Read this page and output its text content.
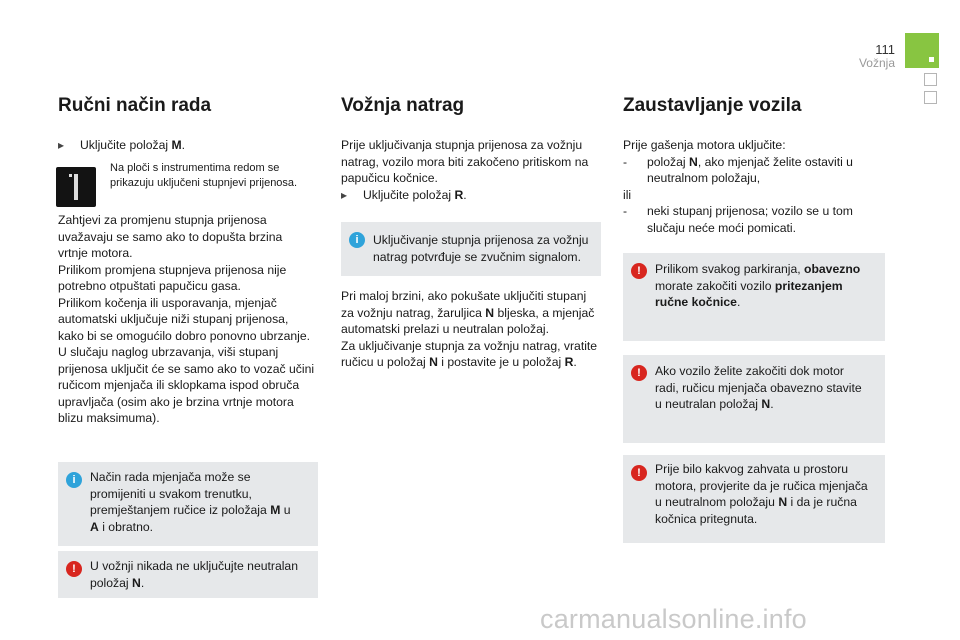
111
Vožnja
Ručni način rada
▸ Uključite položaj M.
Na ploči s instrumentima redom se prikazuju uključeni stupnjevi prijenosa.
Zahtjevi za promjenu stupnja prijenosa
uvažavaju se samo ako to dopušta brzina
vrtnje motora.
Prilikom promjena stupnjeva prijenosa nije
potrebno otpuštati papučicu gasa.
Prilikom kočenja ili usporavanja, mjenjač
automatski uključuje niži stupanj prijenosa,
kako bi se omogućilo dobro ponovno ubrzanje.
U slučaju naglog ubrzavanja, viši stupanj
prijenosa uključit će se samo ako to vozač učini
ručicom mjenjača ili sklopkama ispod obruča
upravljača (osim ako je brzina vrtnje motora
blizu maksimuma).
i	Način rada mjenjača može se
promijeniti u svakom trenutku,
premještanjem ručice iz položaja M u
A i obratno.
!	U vožnji nikada ne uključujte neutralan
položaj N.
Vožnja natrag
Prije uključivanja stupnja prijenosa za vožnju
natrag, vozilo mora biti zakočeno pritiskom na
papučicu kočnice.
▸ Uključite položaj R.
i	Uključivanje stupnja prijenosa za vožnju
natrag potvrđuje se zvučnim signalom.
Pri maloj brzini, ako pokušate uključiti stupanj
za vožnju natrag, žaruljica N bljeska, a mjenjač
automatski prelazi u neutralan položaj.
Za uključivanje stupnja za vožnju natrag, vratite
ručicu u položaj N i postavite je u položaj R.
Zaustavljanje vozila
Prije gašenja motora uključite:
- položaj N, ako mjenjač želite ostaviti u
neutralnom položaju,
ili
- neki stupanj prijenosa; vozilo se u tom
slučaju neće moći pomicati.
!	Prilikom svakog parkiranja, obavezno
morate zakočiti vozilo pritezanjem
ručne kočnice.
!	Ako vozilo želite zakočiti dok motor
radi, ručicu mjenjača obavezno stavite
u neutralan položaj N.
!	Prije bilo kakvog zahvata u prostoru
motora, provjerite da je ručica mjenjača
u neutralnom položaju N i da je ručna
kočnica pritegnuta.
carmanualsonline.info
